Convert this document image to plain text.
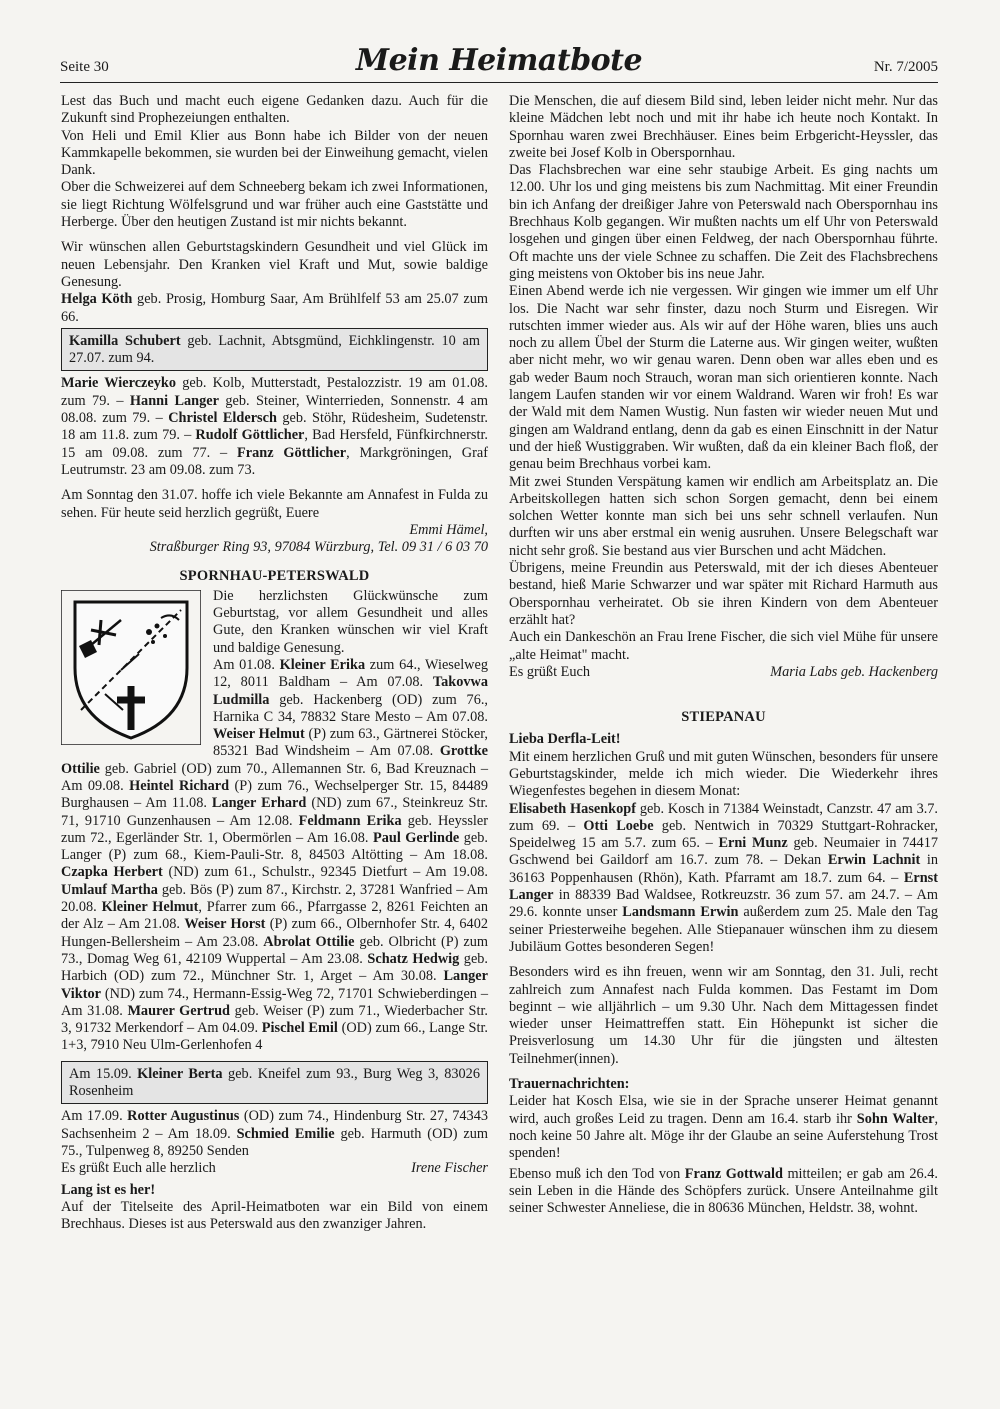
Seite 30	Mein Heimatbote	Nr. 7/2005

Lest das Buch und macht euch eigene Gedanken dazu. Auch für die Zukunft sind Prophezeiungen enthalten.

Von Heli und Emil Klier aus Bonn habe ich Bilder von der neuen Kammkapelle bekommen, sie wurden bei der Einweihung gemacht, vielen Dank.

Ober die Schweizerei auf dem Schneeberg bekam ich zwei Informationen, sie liegt Richtung Wölfelsgrund und war früher auch eine Gaststätte und Herberge. Über den heutigen Zustand ist mir nichts bekannt.

Wir wünschen allen Geburtstagskindern Gesundheit und viel Glück im neuen Lebensjahr. Den Kranken viel Kraft und Mut, sowie baldige Genesung.

Helga Köth geb. Prosig, Homburg Saar, Am Brühlfelf 53 am 25.07 zum 66.

Kamilla Schubert geb. Lachnit, Abtsgmünd, Eichklingenstr. 10 am 27.07. zum 94.

Marie Wierczeyko geb. Kolb, Mutterstadt, Pestalozzistr. 19 am 01.08. zum 79. – Hanni Langer geb. Steiner, Winterrieden, Sonnenstr. 4 am 08.08. zum 79. – Christel Eldersch geb. Stöhr, Rüdesheim, Sudetenstr. 18 am 11.8. zum 79. – Rudolf Göttlicher, Bad Hersfeld, Fünfkirchnerstr. 15 am 09.08. zum 77. – Franz Göttlicher, Markgröningen, Graf Leutrumstr. 23 am 09.08. zum 73.

Am Sonntag den 31.07. hoffe ich viele Bekannte am Annafest in Fulda zu sehen. Für heute seid herzlich gegrüßt, Euere

Emmi Hämel,

Straßburger Ring 93, 97084 Würzburg, Tel. 09 31 / 6 03 70

SPORNHAU-PETERSWALD

Die herzlichsten Glückwünsche zum Geburtstag, vor allem Gesundheit und alles Gute, den Kranken wünschen wir viel Kraft und baldige Genesung.
Am 01.08. Kleiner Erika zum 64., Wieselweg 12, 8011 Baldham – Am 07.08. Takovwa Ludmilla geb. Hackenberg (OD) zum 76., Harnika C 34, 78832 Stare Mesto – Am 07.08. Weiser Helmut (P) zum 63., Gärtnerei Stöcker, 85321 Bad Windsheim – Am 07.08. Grottke Ottilie geb. Gabriel (OD) zum 70., Allemannen Str. 6, Bad Kreuznach – Am 09.08. Heintel Richard (P) zum 76., Wechselperger Str. 15, 84489 Burghausen – Am 11.08. Langer Erhard (ND) zum 67., Steinkreuz Str. 71, 91710 Gunzenhausen – Am 12.08. Feldmann Erika geb. Heyssler zum 72., Egerländer Str. 1, Obermörlen – Am 16.08. Paul Gerlinde geb. Langer (P) zum 68., Kiem-Pauli-Str. 8, 84503 Altötting – Am 18.08. Czapka Herbert (ND) zum 61., Schulstr., 92345 Dietfurt – Am 19.08. Umlauf Martha geb. Bös (P) zum 87., Kirchstr. 2, 37281 Wanfried – Am 20.08. Kleiner Helmut, Pfarrer zum 66., Pfarrgasse 2, 8261 Feichten an der Alz – Am 21.08. Weiser Horst (P) zum 66., Olbernhofer Str. 4, 6402 Hungen-Bellersheim – Am 23.08. Abrolat Ottilie geb. Olbricht (P) zum 73., Domag Weg 61, 42109 Wuppertal – Am 23.08. Schatz Hedwig geb. Harbich (OD) zum 72., Münchner Str. 1, Arget – Am 30.08. Langer Viktor (ND) zum 74., Hermann-Essig-Weg 72, 71701 Schwieberdingen – Am 31.08. Maurer Gertrud geb. Weiser (P) zum 71., Wiederbacher Str. 3, 91732 Merkendorf – Am 04.09. Pischel Emil (OD) zum 66., Lange Str. 1+3, 7910 Neu Ulm-Gerlenhofen 4

Am 15.09. Kleiner Berta geb. Kneifel zum 93., Burg Weg 3, 83026 Rosenheim

Am 17.09. Rotter Augustinus (OD) zum 74., Hindenburg Str. 27, 74343 Sachsenheim 2 – Am 18.09. Schmied Emilie geb. Harmuth (OD) zum 75., Tulpenweg 8, 89250 Senden

Es grüßt Euch alle herzlich	Irene Fischer

Lang ist es her!

Auf der Titelseite des April-Heimatboten war ein Bild von einem Brechhaus. Dieses ist aus Peterswald aus den zwanziger Jahren.

Die Menschen, die auf diesem Bild sind, leben leider nicht mehr. Nur das kleine Mädchen lebt noch und mit ihr habe ich heute noch Kontakt. In Spornhau waren zwei Brechhäuser. Eines beim Erbgericht-Heyssler, das zweite bei Josef Kolb in Oberspornhau.

Das Flachsbrechen war eine sehr staubige Arbeit. Es ging nachts um 12.00. Uhr los und ging meistens bis zum Nachmittag. Mit einer Freundin bin ich Anfang der dreißiger Jahre von Peterswald nach Oberspornhau ins Brechhaus Kolb gegangen. Wir mußten nachts um elf Uhr von Peterswald losgehen und gingen über einen Feldweg, der nach Oberspornhau führte. Oft machte uns der viele Schnee zu schaffen. Die Zeit des Flachsbrechens ging meistens von Oktober bis ins neue Jahr.

Einen Abend werde ich nie vergessen. Wir gingen wie immer um elf Uhr los. Die Nacht war sehr finster, dazu noch Sturm und Eisregen. Wir rutschten immer wieder aus. Als wir auf der Höhe waren, blies uns auch noch zu allem Übel der Sturm die Laterne aus. Wir gingen weiter, wußten aber nicht mehr, wo wir genau waren. Denn oben war alles eben und es gab weder Baum noch Strauch, woran man sich orientieren konnte. Nach langem Laufen standen wir vor einem Waldrand. Waren wir froh! Es war der Wald mit dem Namen Wustig. Nun fasten wir wieder neuen Mut und gingen am Waldrand entlang, denn da gab es einen Einschnitt in der Natur und der hieß Wustiggraben. Wir wußten, daß da ein kleiner Bach floß, der genau beim Brechhaus vorbei kam.

Mit zwei Stunden Verspätung kamen wir endlich am Arbeitsplatz an. Die Arbeitskollegen hatten sich schon Sorgen gemacht, denn bei einem solchen Wetter konnte man sich bei uns sehr schnell verlaufen. Nun durften wir uns aber erstmal ein wenig ausruhen. Unsere Belegschaft war nicht sehr groß. Sie bestand aus vier Burschen und acht Mädchen.

Übrigens, meine Freundin aus Peterswald, mit der ich dieses Abenteuer bestand, hieß Marie Schwarzer und war später mit Richard Harmuth aus Oberspornhau verheiratet. Ob sie ihren Kindern von dem Abenteuer erzählt hat?

Auch ein Dankeschön an Frau Irene Fischer, die sich viel Mühe für unsere „alte Heimat" macht.

Es grüßt Euch	Maria Labs geb. Hackenberg

STIEPANAU

Lieba Derfla-Leit!

Mit einem herzlichen Gruß und mit guten Wünschen, besonders für unsere Geburtstagskinder, melde ich mich wieder. Die Wiederkehr ihres Wiegenfestes begehen in diesem Monat:

Elisabeth Hasenkopf geb. Kosch in 71384 Weinstadt, Canzstr. 47 am 3.7. zum 69. – Otti Loebe geb. Nentwich in 70329 Stuttgart-Rohracker, Speidelweg 15 am 5.7. zum 65. – Erni Munz geb. Neumaier in 74417 Gschwend bei Gaildorf am 16.7. zum 78. – Dekan Erwin Lachnit in 36163 Poppenhausen (Rhön), Kath. Pfarramt am 18.7. zum 64. – Ernst Langer in 88339 Bad Waldsee, Rotkreuzstr. 36 zum 57. am 24.7. – Am 29.6. konnte unser Landsmann Erwin außerdem zum 25. Male den Tag seiner Priesterweihe begehen. Alle Stiepanauer wünschen ihm zu diesem Jubiläum Gottes besonderen Segen!

Besonders wird es ihn freuen, wenn wir am Sonntag, den 31. Juli, recht zahlreich zum Annafest nach Fulda kommen. Das Festamt im Dom beginnt – wie alljährlich – um 9.30 Uhr. Nach dem Mittagessen findet wieder unser Heimattreffen statt. Ein Höhepunkt ist sicher die Preisverlosung um 14.30 Uhr für die jüngsten und ältesten Teilnehmer(innen).

Trauernachrichten:

Leider hat Kosch Elsa, wie sie in der Sprache unserer Heimat genannt wird, auch großes Leid zu tragen. Denn am 16.4. starb ihr Sohn Walter, noch keine 50 Jahre alt. Möge ihr der Glaube an seine Auferstehung Trost spenden!

Ebenso muß ich den Tod von Franz Gottwald mitteilen; er gab am 26.4. sein Leben in die Hände des Schöpfers zurück. Unsere Anteilnahme gilt seiner Schwester Anneliese, die in 80636 München, Heldstr. 38, wohnt.
